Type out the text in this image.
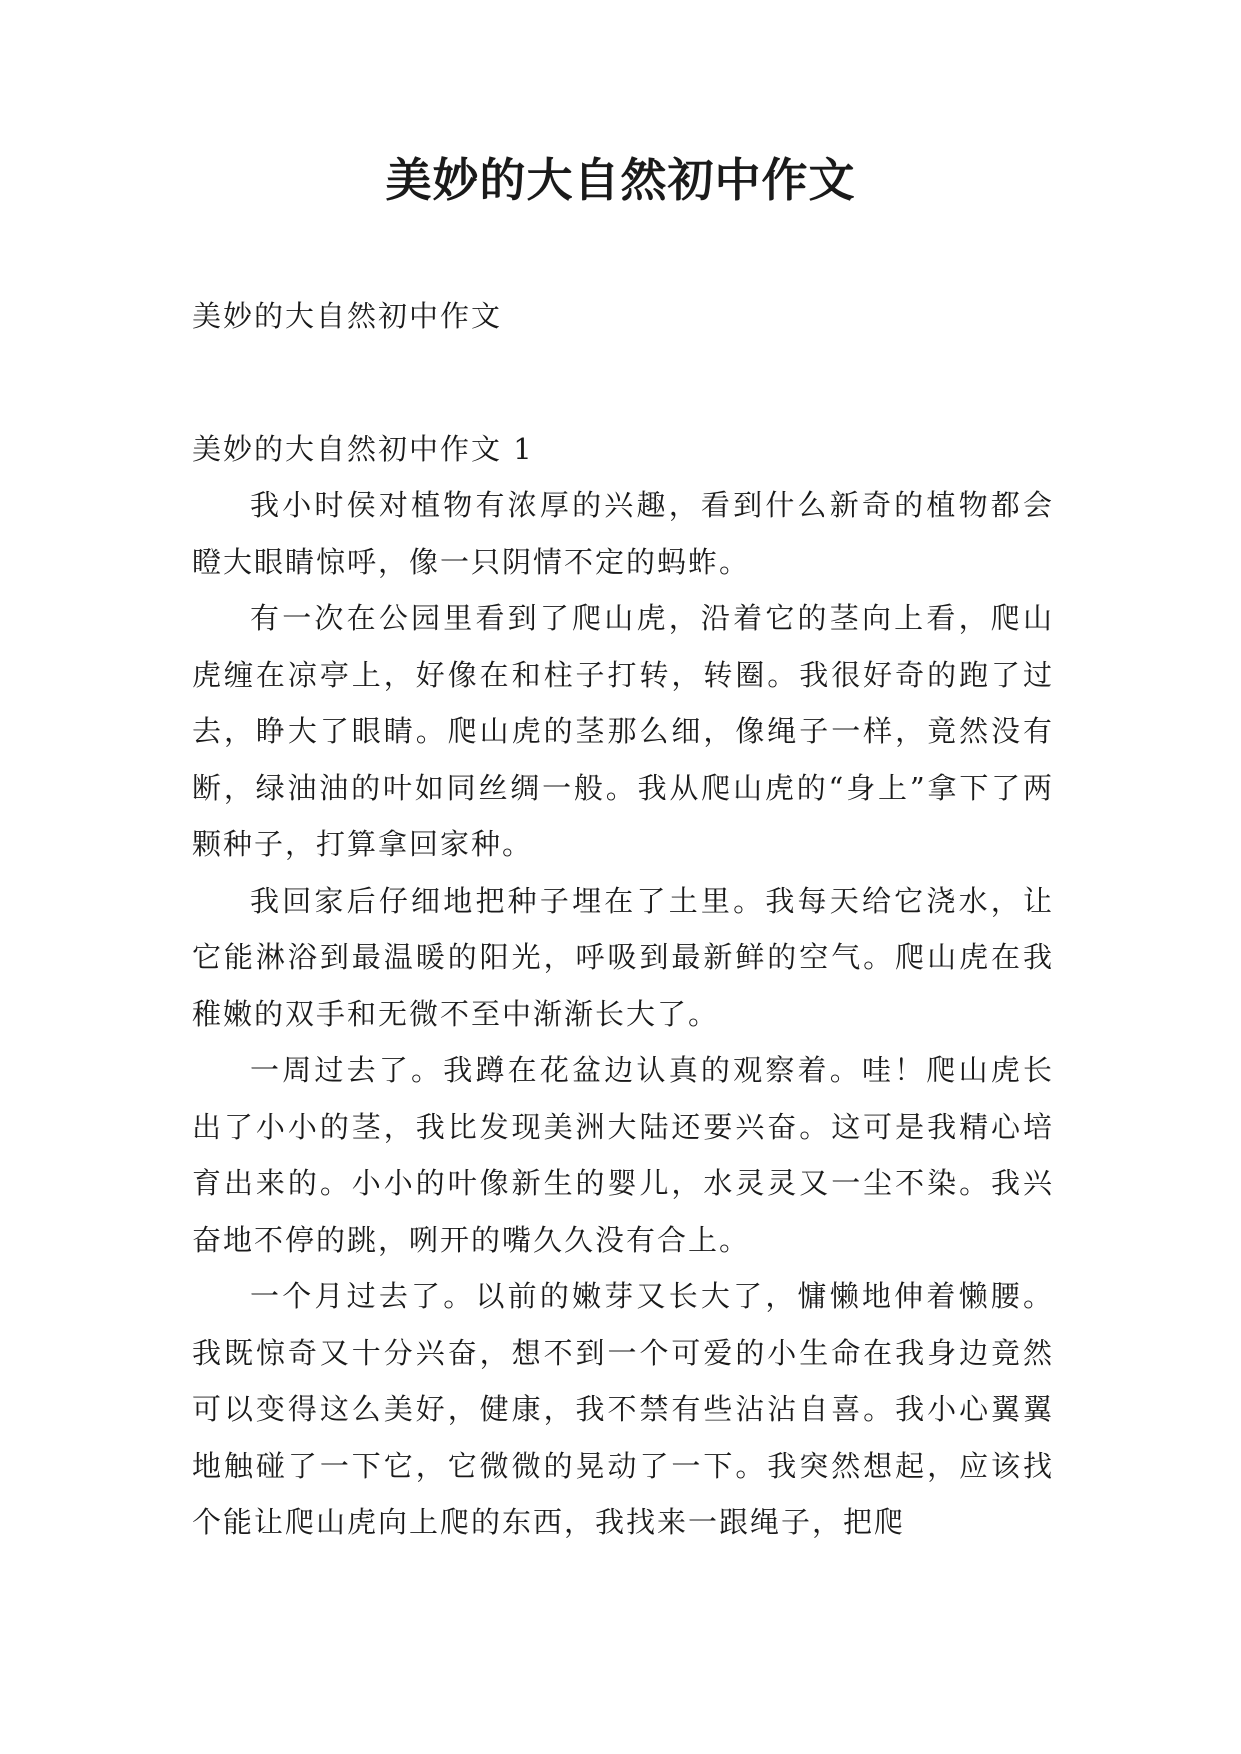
美妙的大自然初中作文

美妙的大自然初中作文

美妙的大自然初中作文 1

我小时侯对植物有浓厚的兴趣，看到什么新奇的植物都会瞪大眼睛惊呼，像一只阴情不定的蚂蚱。

有一次在公园里看到了爬山虎，沿着它的茎向上看，爬山虎缠在凉亭上，好像在和柱子打转，转圈。我很好奇的跑了过去，睁大了眼睛。爬山虎的茎那么细，像绳子一样，竟然没有断，绿油油的叶如同丝绸一般。我从爬山虎的“身上”拿下了两颗种子，打算拿回家种。

我回家后仔细地把种子埋在了土里。我每天给它浇水，让它能淋浴到最温暖的阳光，呼吸到最新鲜的空气。爬山虎在我稚嫩的双手和无微不至中渐渐长大了。

一周过去了。我蹲在花盆边认真的观察着。哇！爬山虎长出了小小的茎，我比发现美洲大陆还要兴奋。这可是我精心培育出来的。小小的叶像新生的婴儿，水灵灵又一尘不染。我兴奋地不停的跳，咧开的嘴久久没有合上。

一个月过去了。以前的嫩芽又长大了，慵懒地伸着懒腰。我既惊奇又十分兴奋，想不到一个可爱的小生命在我身边竟然可以变得这么美好，健康，我不禁有些沾沾自喜。我小心翼翼地触碰了一下它，它微微的晃动了一下。我突然想起，应该找个能让爬山虎向上爬的东西，我找来一跟绳子，把爬
